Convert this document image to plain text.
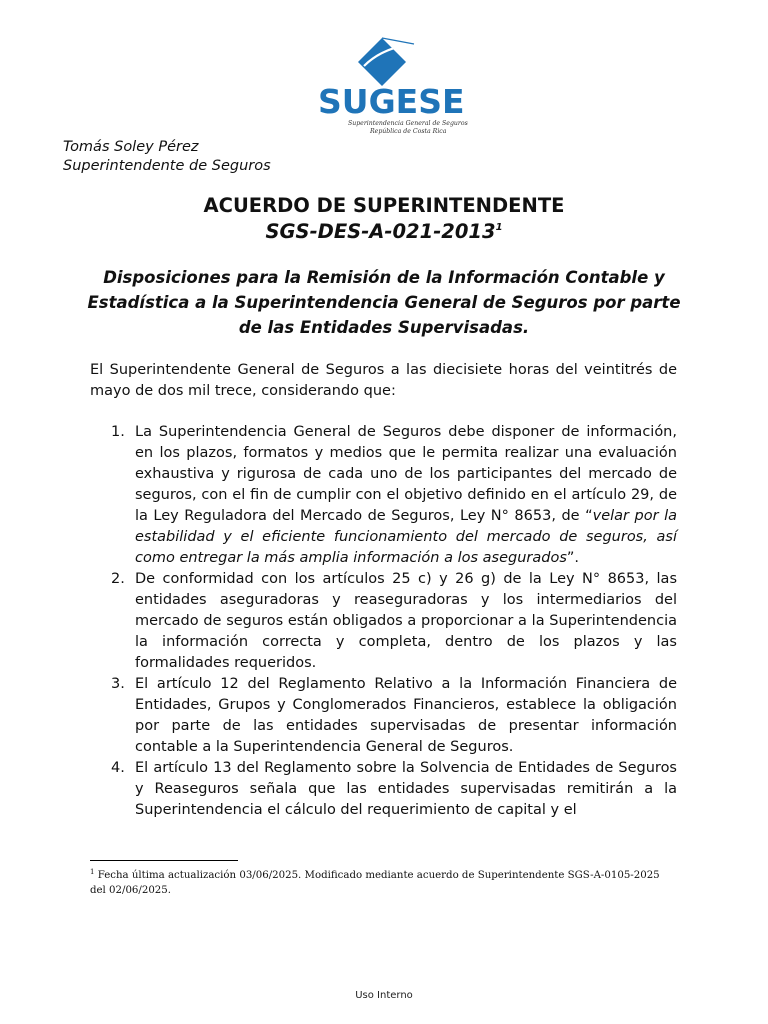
SUGESE
Superintendencia General de Seguros
República de Costa Rica
Tomás Soley Pérez
Superintendente de Seguros
ACUERDO DE SUPERINTENDENTE
SGS-DES-A-021-2013$^1$
Disposiciones para la Remisión de la Información Contable y Estadística a la Superintendencia General de Seguros por parte de las Entidades Supervisadas.
El Superintendente General de Seguros a las diecisiete horas del veintitrés de mayo de dos mil trece, considerando que:
1. La Superintendencia General de Seguros debe disponer de información, en los plazos, formatos y medios que le permita realizar una evaluación exhaustiva y rigurosa de cada uno de los participantes del mercado de seguros, con el fin de cumplir con el objetivo definido en el artículo 29, de la Ley Reguladora del Mercado de Seguros, Ley N° 8653, de “velar por la estabilidad y el eficiente funcionamiento del mercado de seguros, así como entregar la más amplia información a los asegurados”.
2. De conformidad con los artículos 25 c) y 26 g) de la Ley N° 8653, las entidades aseguradoras y reaseguradoras y los intermediarios del mercado de seguros están obligados a proporcionar a la Superintendencia la información correcta y completa, dentro de los plazos y las formalidades requeridos.
3. El artículo 12 del Reglamento Relativo a la Información Financiera de Entidades, Grupos y Conglomerados Financieros, establece la obligación por parte de las entidades supervisadas de presentar información contable a la Superintendencia General de Seguros.
4. El artículo 13 del Reglamento sobre la Solvencia de Entidades de Seguros y Reaseguros señala que las entidades supervisadas remitirán a la Superintendencia el cálculo del requerimiento de capital y el
$^1$ Fecha última actualización 03/06/2025. Modificado mediante acuerdo de Superintendente SGS-A-0105-2025 del 02/06/2025.
Uso Interno
